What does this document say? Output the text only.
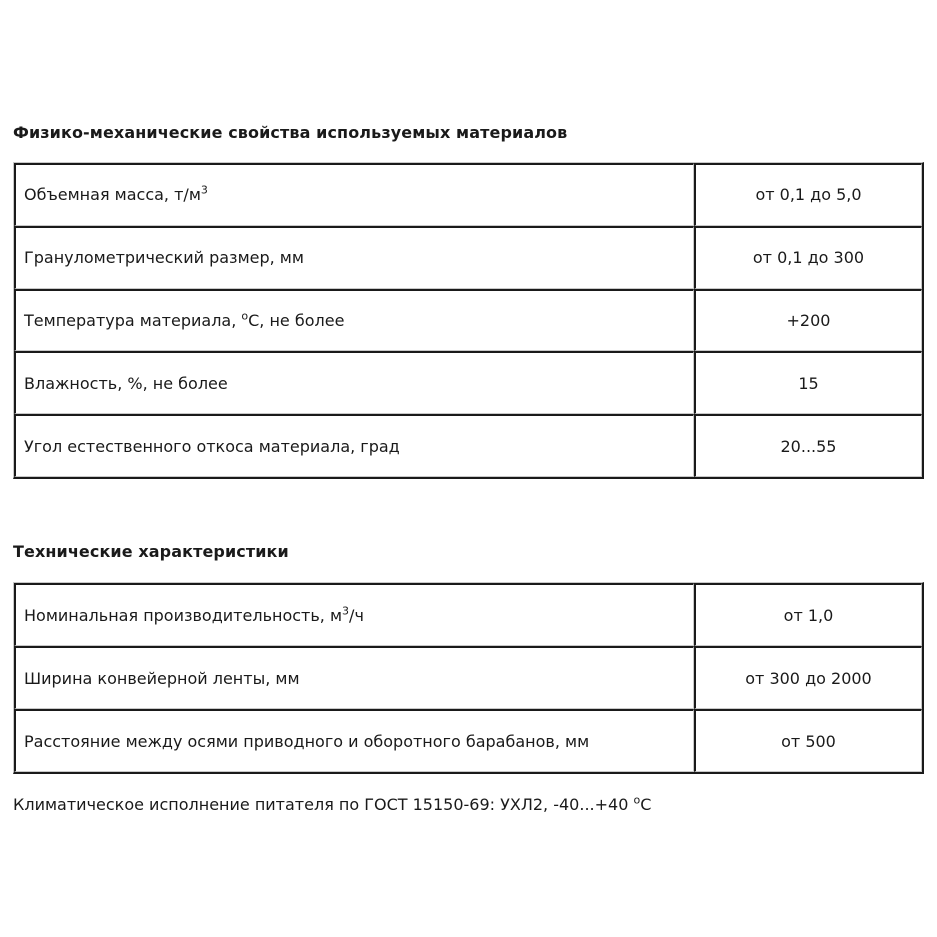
Физико-механические свойства используемых материалов
Объемная масса, $т/м^3$	от 0,1 до 5,0
Гранулометрический размер, мм	от 0,1 до 300
Температура материала, $^о$С, не более	+200
Влажность, %, не более	15
Угол естественного откоса материала, град	20...55
Технические характеристики
Номинальная производительность, $м^3/ч$	от 1,0
Ширина конвейерной ленты, мм	от 300 до 2000
Расстояние между осями приводного и оборотного барабанов, мм	от 500

Климатическое исполнение питателя по ГОСТ 15150-69: УХЛ2, -40...+40 $^о$С
